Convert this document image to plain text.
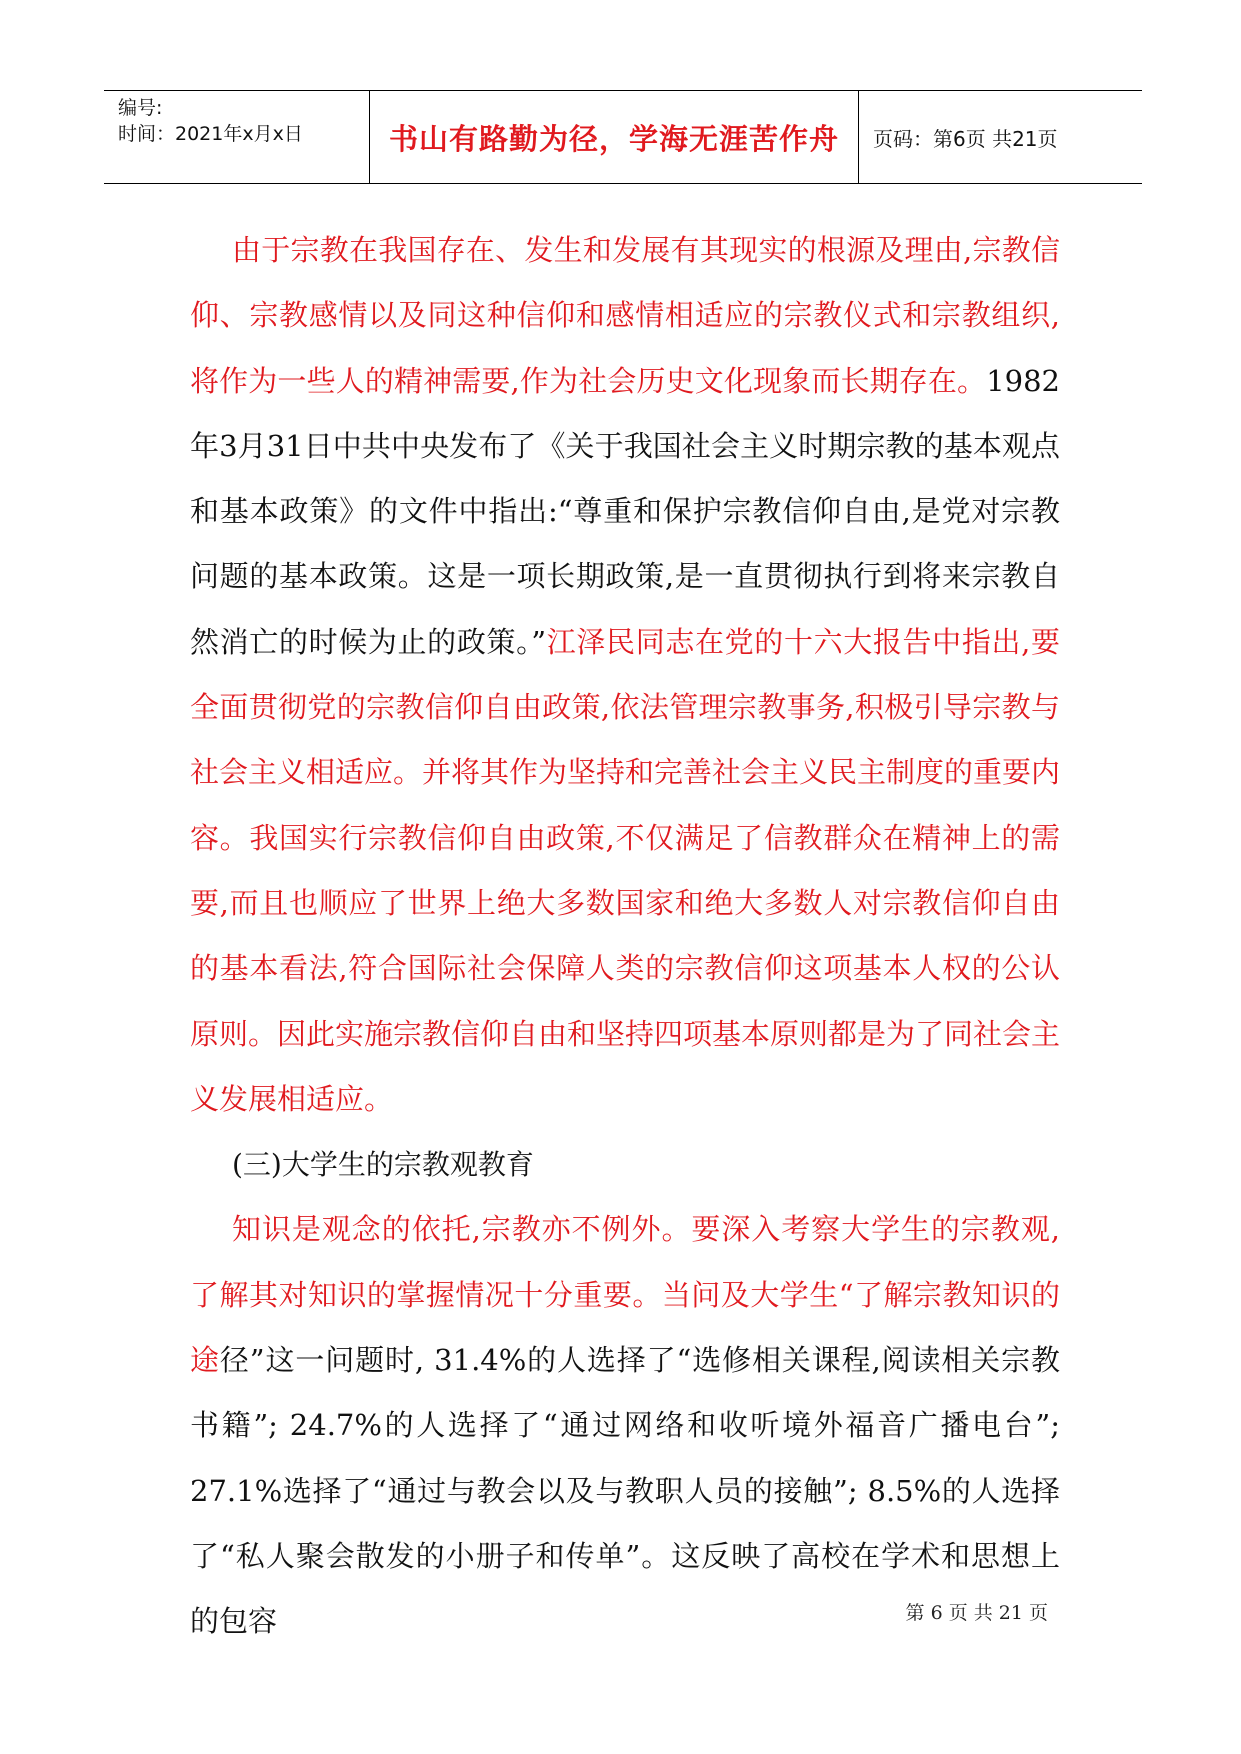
编号:
时间：2021年x月x日	书山有路勤为径，学海无涯苦作舟 页码：第6页 共21页

由于宗教在我国存在、发生和发展有其现实的根源及理由,宗教信仰、宗教感情以及同这种信仰和感情相适应的宗教仪式和宗教组织,将作为一些人的精神需要,作为社会历史文化现象而长期存在。1982年3月31日中共中央发布了《关于我国社会主义时期宗教的基本观点和基本政策》的文件中指出:“尊重和保护宗教信仰自由,是党对宗教问题的基本政策。这是一项长期政策,是一直贯彻执行到将来宗教自然消亡的时候为止的政策。”江泽民同志在党的十六大报告中指出,要全面贯彻党的宗教信仰自由政策,依法管理宗教事务,积极引导宗教与社会主义相适应。并将其作为坚持和完善社会主义民主制度的重要内容。我国实行宗教信仰自由政策,不仅满足了信教群众在精神上的需要,而且也顺应了世界上绝大多数国家和绝大多数人对宗教信仰自由的基本看法,符合国际社会保障人类的宗教信仰这项基本人权的公认原则。因此实施宗教信仰自由和坚持四项基本原则都是为了同社会主义发展相适应。

(三)大学生的宗教观教育

知识是观念的依托,宗教亦不例外。要深入考察大学生的宗教观,了解其对知识的掌握情况十分重要。当问及大学生“了解宗教知识的途径”这一问题时, 31.4%的人选择了“选修相关课程,阅读相关宗教书籍”; 24.7%的人选择了“通过网络和收听境外福音广播电台”; 27.1%选择了“通过与教会以及与教职人员的接触”; 8.5%的人选择了“私人聚会散发的小册子和传单”。这反映了高校在学术和思想上的包容	第 6 页 共 21 页
